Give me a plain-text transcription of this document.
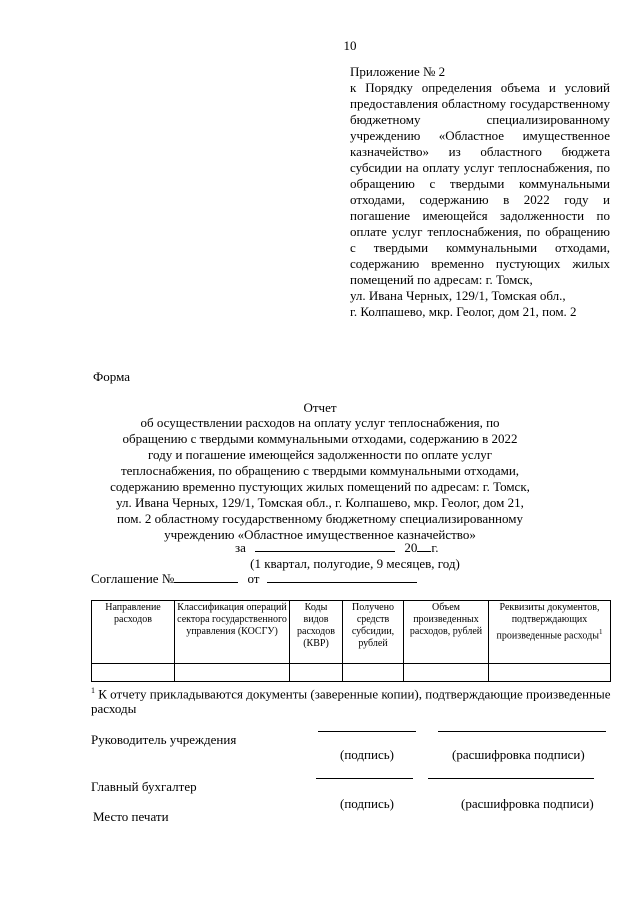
10
Приложение № 2
к Порядку определения объема и условий предоставления областному государственному бюджетному специализированному учреждению «Областное имущественное казначейство» из областного бюджета субсидии на оплату услуг теплоснабжения, по обращению с твердыми коммунальными отходами, содержанию в 2022 году и погашение имеющейся задолженности по оплате услуг теплоснабжения, по обращению с твердыми коммунальными отходами, содержанию временно пустующих жилых помещений по адресам: г. Томск,
ул. Ивана Черных, 129/1, Томская обл.,
г. Колпашево, мкр. Геолог, дом 21, пом. 2
Форма
Отчет
об осуществлении расходов на оплату услуг теплоснабжения, по обращению с твердыми коммунальными отходами, содержанию в 2022 году и погашение имеющейся задолженности по оплате услуг теплоснабжения, по обращению с твердыми коммунальными отходами, содержанию временно пустующих жилых помещений по адресам: г. Томск, ул. Ивана Черных, 129/1, Томская обл., г. Колпашево, мкр. Геолог, дом 21, пом. 2 областному государственному бюджетному специализированному учреждению «Областное имущественное казначейство»
за	20 г.
(1 квартал, полугодие, 9 месяцев, год)
Соглашение №	от
Направление расходов	Классификация операций сектора государственного управления (КОСГУ)	Коды видов расходов (КВР)	Получено средств субсидии, рублей	Объем произведенных расходов, рублей	Реквизиты документов, подтверждающих произведенные расходы$^1$

$^1$ К отчету прикладываются документы (заверенные копии), подтверждающие произведенные расходы
Руководитель учреждения
(подпись)	(расшифровка подписи)
Главный бухгалтер
(подпись)	(расшифровка подписи)
Место печати
